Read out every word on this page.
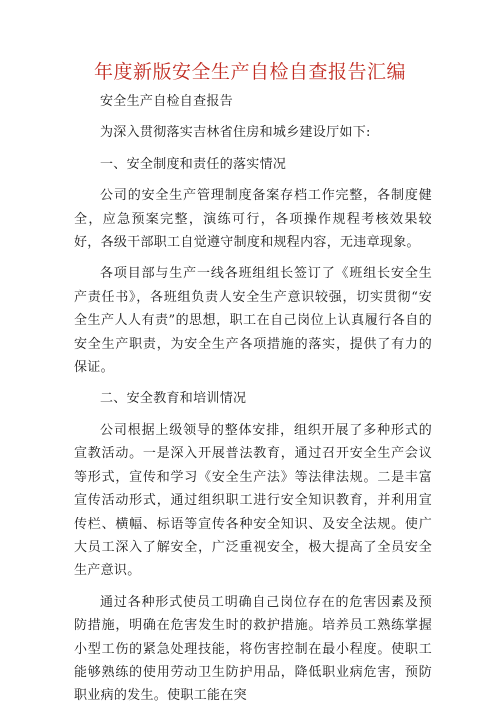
年度新版安全生产自检自查报告汇编

安全生产自检自查报告

为深入贯彻落实吉林省住房和城乡建设厅如下:

一、安全制度和责任的落实情况

公司的安全生产管理制度备案存档工作完整，各制度健全，应急预案完整，演练可行，各项操作规程考核效果较好，各级干部职工自觉遵守制度和规程内容，无违章现象。

各项目部与生产一线各班组组长签订了《班组长安全生产责任书》，各班组负责人安全生产意识较强，切实贯彻“安全生产人人有责”的思想，职工在自己岗位上认真履行各自的安全生产职责，为安全生产各项措施的落实，提供了有力的保证。

二、安全教育和培训情况

公司根据上级领导的整体安排，组织开展了多种形式的宣教活动。一是深入开展普法教育，通过召开安全生产会议等形式，宣传和学习《安全生产法》等法律法规。二是丰富宣传活动形式，通过组织职工进行安全知识教育，并利用宣传栏、横幅、标语等宣传各种安全知识、及安全法规。使广大员工深入了解安全，广泛重视安全，极大提高了全员安全生产意识。

通过各种形式使员工明确自己岗位存在的危害因素及预防措施，明确在危害发生时的救护措施。培养员工熟练掌握小型工伤的紧急处理技能，将伤害控制在最小程度。使职工能够熟练的使用劳动卫生防护用品，降低职业病危害，预防职业病的发生。使职工能在突
